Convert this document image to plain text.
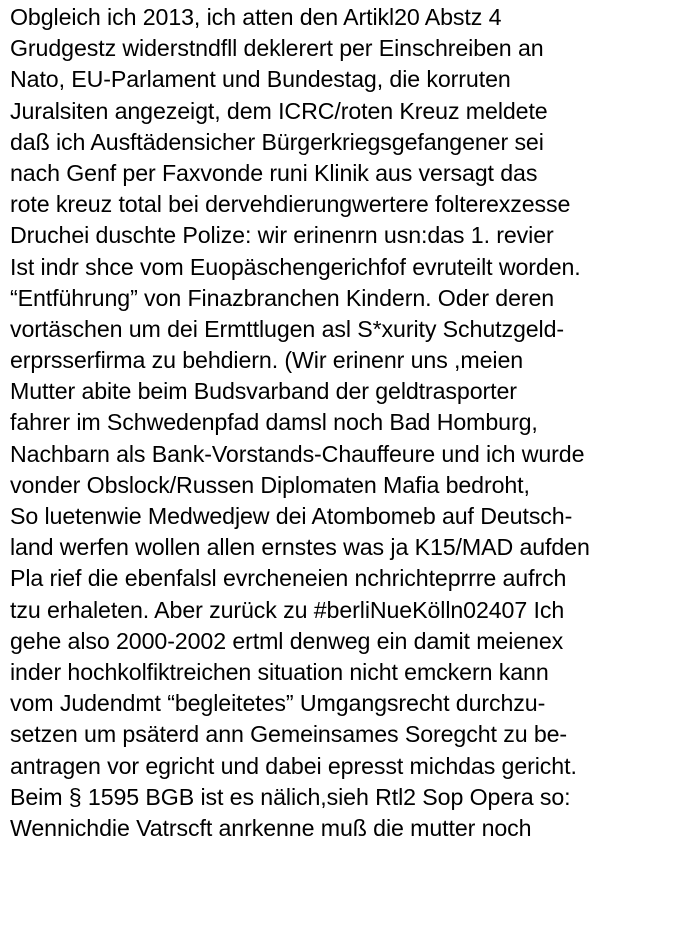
Obgleich ich 2013, ich atten den Artikl20 Abstz 4
Grudgestz widerstndfll deklerert per Einschreiben an
Nato, EU-Parlament und Bundestag, die korruten
Juralsiten angezeigt, dem ICRC/roten Kreuz meldete
daß ich Ausftädensicher Bürgerkriegsgefangener sei
nach Genf per Faxvonde runi Klinik aus versagt das
rote kreuz total bei dervehdierungwertere folterexzesse
Druchei duschte Polize: wir erinenrn usn:das 1. revier
Ist indr shce vom Euopäschengerichfof evruteilt worden.
“Entführung” von Finazbranchen Kindern. Oder deren
vortäschen um dei Ermttlugen asl S*xurity Schutzgeld-
erprsserfirma zu behdiern. (Wir erinenr uns ,meien
Mutter abite beim Budsvarband der geldtrasporter
fahrer im Schwedenpfad damsl noch Bad Homburg,
Nachbarn als Bank-Vorstands-Chauffeure und ich wurde
vonder Obslock/Russen Diplomaten Mafia bedroht,
So luetenwie Medwedjew dei Atombomeb auf Deutsch-
land werfen wollen allen ernstes was ja K15/MAD aufden
Pla rief die ebenfalsl evrcheneien nchrichteprrre aufrch
tzu erhaleten. Aber zurück zu #berliNueKölln02407 Ich
gehe also 2000-2002 ertml denweg ein damit meienex
inder hochkolfiktreichen situation nicht emckern kann
vom Judendmt “begleitetes” Umgangsrecht durchzu-
setzen um psäterd ann Gemeinsames Soregcht zu be-
antragen vor egricht und dabei epresst michdas gericht.
Beim § 1595 BGB ist es nälich,sieh Rtl2 Sop Opera so:
Wennichdie Vatrscft anrkenne muß die mutter noch
